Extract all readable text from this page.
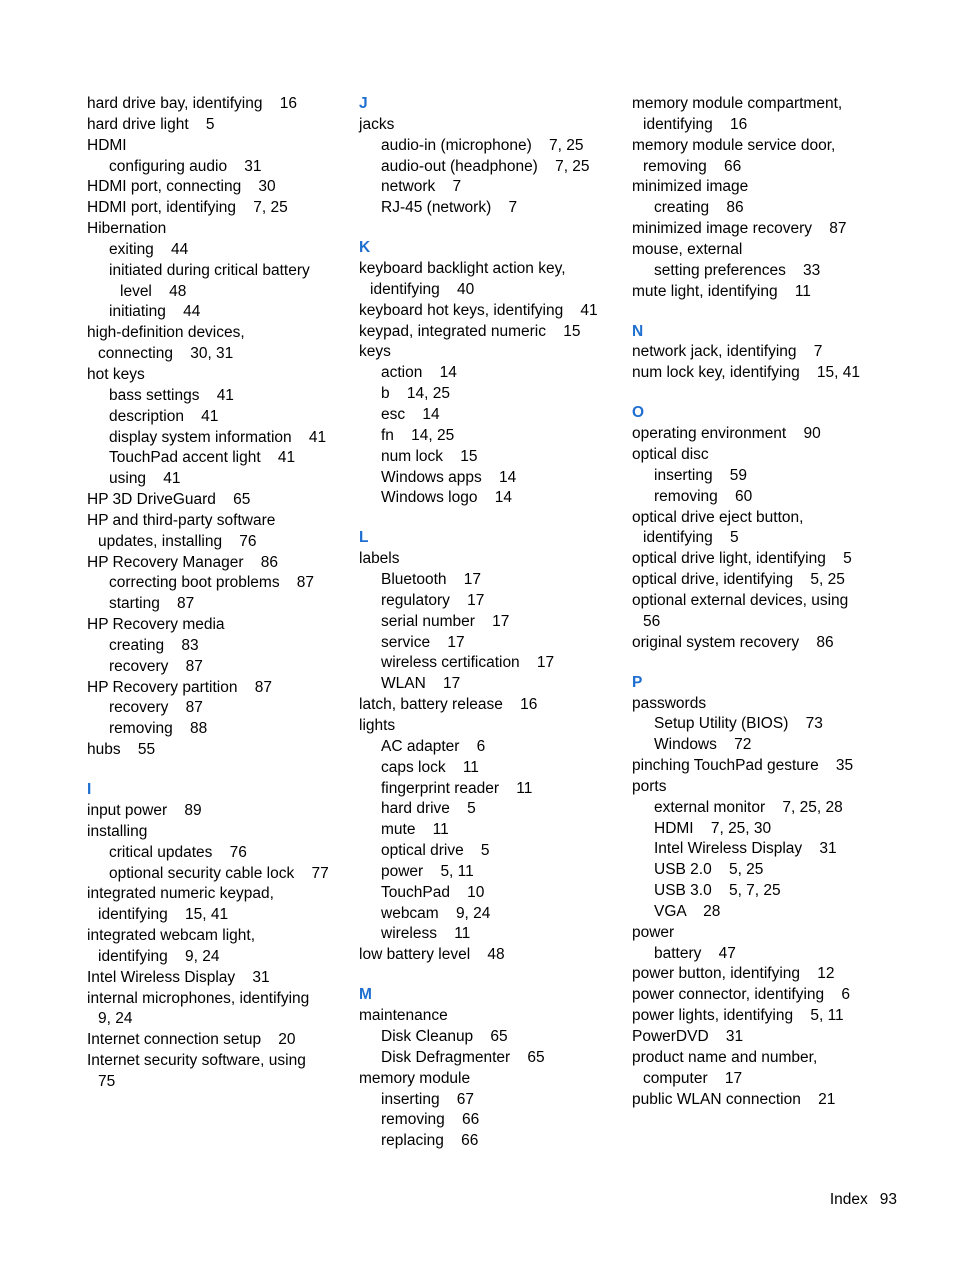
hard drive bay, identifying    16
hard drive light    5
HDMI
configuring audio    31
HDMI port, connecting    30
HDMI port, identifying    7, 25
Hibernation
exiting    44
initiated during critical battery
level    48
initiating    44
high-definition devices,
connecting    30, 31
hot keys
bass settings    41
description    41
display system information    41
TouchPad accent light    41
using    41
HP 3D DriveGuard    65
HP and third-party software
updates, installing    76
HP Recovery Manager    86
correcting boot problems    87
starting    87
HP Recovery media
creating    83
recovery    87
HP Recovery partition    87
recovery    87
removing    88
hubs    55
I
input power    89
installing
critical updates    76
optional security cable lock    77
integrated numeric keypad,
identifying    15, 41
integrated webcam light,
identifying    9, 24
Intel Wireless Display    31
internal microphones, identifying
9, 24
Internet connection setup    20
Internet security software, using
75
J
jacks
audio-in (microphone)    7, 25
audio-out (headphone)    7, 25
network    7
RJ-45 (network)    7
K
keyboard backlight action key,
identifying    40
keyboard hot keys, identifying    41
keypad, integrated numeric    15
keys
action    14
b    14, 25
esc    14
fn    14, 25
num lock    15
Windows apps    14
Windows logo    14
L
labels
Bluetooth    17
regulatory    17
serial number    17
service    17
wireless certification    17
WLAN    17
latch, battery release    16
lights
AC adapter    6
caps lock    11
fingerprint reader    11
hard drive    5
mute    11
optical drive    5
power    5, 11
TouchPad    10
webcam    9, 24
wireless    11
low battery level    48
M
maintenance
Disk Cleanup    65
Disk Defragmenter    65
memory module
inserting    67
removing    66
replacing    66
memory module compartment,
identifying    16
memory module service door,
removing    66
minimized image
creating    86
minimized image recovery    87
mouse, external
setting preferences    33
mute light, identifying    11
N
network jack, identifying    7
num lock key, identifying    15, 41
O
operating environment    90
optical disc
inserting    59
removing    60
optical drive eject button,
identifying    5
optical drive light, identifying    5
optical drive, identifying    5, 25
optional external devices, using
56
original system recovery    86
P
passwords
Setup Utility (BIOS)    73
Windows    72
pinching TouchPad gesture    35
ports
external monitor    7, 25, 28
HDMI    7, 25, 30
Intel Wireless Display    31
USB 2.0    5, 25
USB 3.0    5, 7, 25
VGA    28
power
battery    47
power button, identifying    12
power connector, identifying    6
power lights, identifying    5, 11
PowerDVD    31
product name and number,
computer    17
public WLAN connection    21
Index 93
